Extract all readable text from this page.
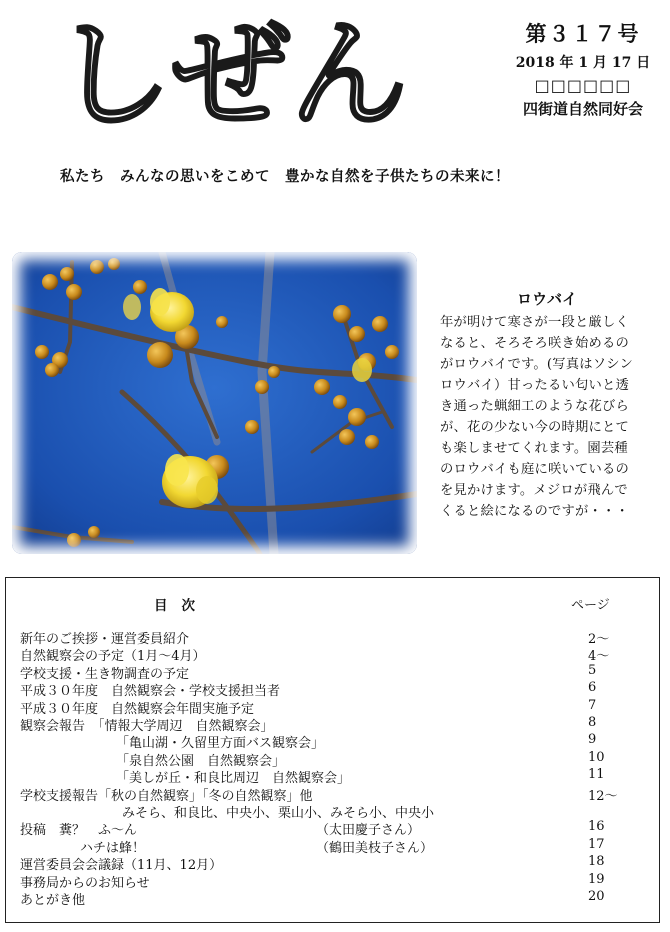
しぜん	第３１７号
2018 年 1 月 17 日
□□□□□□
四街道自然同好会
私たち　みんなの思いをこめて　豊かな自然を子供たちの未来に！
ロウバイ
年が明けて寒さが一段と厳しく
なると、そろそろ咲き始めるの
がロウバイです。(写真はソシン
ロウバイ）甘ったるい匂いと透
き通った蝋細工のような花びら
が、花の少ない今の時期にとて
も楽しませてくれます。園芸種
のロウバイも庭に咲いているの
を見かけます。メジロが飛んで
くると絵になるのですが・・・
目次	ページ
新年のご挨拶・運営委員紹介	2～
自然観察会の予定（1月～4月）	4～
学校支援・生き物調査の予定	5
平成３０年度　自然観察会・学校支援担当者	6
平成３０年度　自然観察会年間実施予定	7
観察会報告　「情報大学周辺　自然観察会」	8
「亀山湖・久留里方面バス観察会」	9
「泉自然公園　自然観察会」	10
「美しが丘・和良比周辺　自然観察会」	11
学校支援報告「秋の自然観察」「冬の自然観察」他	12～
みそら、和良比、中央小、栗山小、みそら小、中央小
投稿　糞？　ふ～ん	（太田慶子さん）	16
ハチは蜂！	（鶴田美枝子さん）	17
運営委員会会議録（11月、12月）	18
事務局からのお知らせ	19
あとがき他	20
